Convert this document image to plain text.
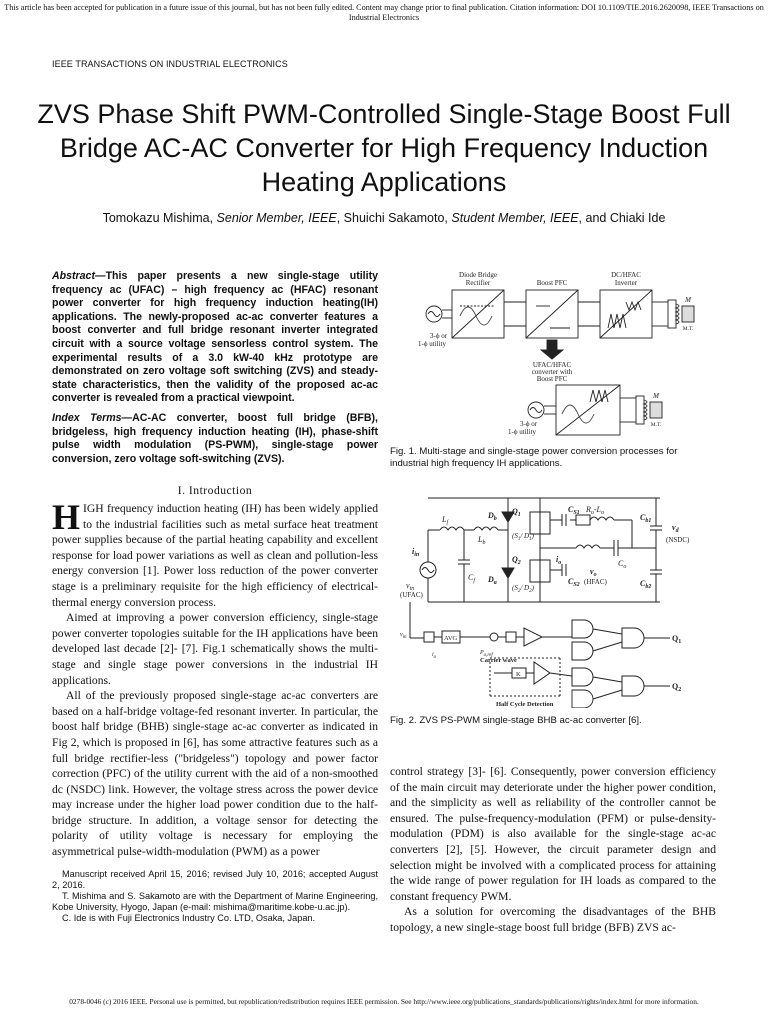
This article has been accepted for publication in a future issue of this journal, but has not been fully edited. Content may change prior to final publication. Citation information: DOI 10.1109/TIE.2016.2620098, IEEE Transactions on Industrial Electronics
IEEE TRANSACTIONS ON INDUSTRIAL ELECTRONICS
ZVS Phase Shift PWM-Controlled Single-Stage Boost Full Bridge AC-AC Converter for High Frequency Induction Heating Applications
Tomokazu Mishima, Senior Member, IEEE, Shuichi Sakamoto, Student Member, IEEE, and Chiaki Ide
Abstract—This paper presents a new single-stage utility frequency ac (UFAC) – high frequency ac (HFAC) resonant power converter for high frequency induction heating(IH) applications. The newly-proposed ac-ac converter features a boost converter and full bridge resonant inverter integrated circuit with a source voltage sensorless control system. The experimental results of a 3.0 kW-40 kHz prototype are demonstrated on zero voltage soft switching (ZVS) and steady-state characteristics, then the validity of the proposed ac-ac converter is revealed from a practical viewpoint.
Index Terms—AC-AC converter, boost full bridge (BFB), bridgeless, high frequency induction heating (IH), phase-shift pulse width modulation (PS-PWM), single-stage power conversion, zero voltage soft-switching (ZVS).
I. Introduction

HIGH frequency induction heating (IH) has been widely applied to the industrial facilities such as metal surface heat treatment power supplies because of the partial heating capability and excellent response for load power variations as well as clean and pollution-less energy conversion [1]. Power loss reduction of the power converter stage is a preliminary requisite for the high efficiency of electrical-thermal energy conversion process.

Aimed at improving a power conversion efficiency, single-stage power converter topologies suitable for the IH applications have been developed last decade [2]- [7]. Fig.1 schematically shows the multi-stage and single stage power conversions in the industrial IH applications.

All of the previously proposed single-stage ac-ac converters are based on a half-bridge voltage-fed resonant inverter. In particular, the boost half bridge (BHB) single-stage ac-ac converter as indicated in Fig 2, which is proposed in [6], has some attractive features such as a full bridge rectifier-less ("bridgeless") topology and power factor correction (PFC) of the utility current with the aid of a non-smoothed dc (NSDC) link. However, the voltage stress across the power device may increase under the higher load power condition due to the half-bridge structure. In addition, a voltage sensor for detecting the polarity of utility voltage is necessary for employing the asymmetrical pulse-width-modulation (PWM) as a power

Manuscript received April 15, 2016; revised July 10, 2016; accepted August 2, 2016.

T. Mishima and S. Sakamoto are with the Department of Marine Engineering, Kobe University, Hyogo, Japan (e-mail: mishima@maritime.kobe-u.ac.jp).

C. Ide is with Fuji Electronics Industry Co. LTD, Osaka, Japan.

Diode Bridge
Rectifier	Boost PFC
DC/HFAC
Inverter
3-ϕ or
1-ϕ utility
UFAC/HFAC
converter with
Boost PFC
3-ϕ or
1-ϕ utility
M
M.T.
M
M.T.
Fig. 1. Multi-stage and single-stage power conversion processes for industrial high frequency IH applications.
$L_f$
$L_b$
$D_b$
$D_a$
$Q_1$
($S_1/$ $D_1$)
$Q_2$
($S_2/$ $D_2$)
$C_{S1}$
$C_{S2}$
$C_f$
$C_{b1}$
$C_{b2}$
$R_o-L_o$
$v_{in}$
(UFAC)
$i_{in}$	$i_o$
$v_o$
(HFAC)
$C_o$
$v_d$
(NSDC)
AVG
Carrier wave
$P_{o,ref}$
K
Half Cycle Detection
$Q_1$
$Q_2$
$v_{in}$
$i_o$
Fig. 2. ZVS PS-PWM single-stage BHB ac-ac converter [6].

control strategy [3]- [6]. Consequently, power conversion efficiency of the main circuit may deteriorate under the higher power condition, and the simplicity as well as reliability of the controller cannot be ensured. The pulse-frequency-modulation (PFM) or pulse-density-modulation (PDM) is also available for the single-stage ac-ac converters [2], [5]. However, the circuit parameter design and selection might be involved with a complicated process for attaining the wide range of power regulation for IH loads as compared to the constant frequency PWM.

As a solution for overcoming the disadvantages of the BHB topology, a new single-stage boost full bridge (BFB) ZVS ac-

0278-0046 (c) 2016 IEEE. Personal use is permitted, but republication/redistribution requires IEEE permission. See http://www.ieee.org/publications_standards/publications/rights/index.html for more information.
